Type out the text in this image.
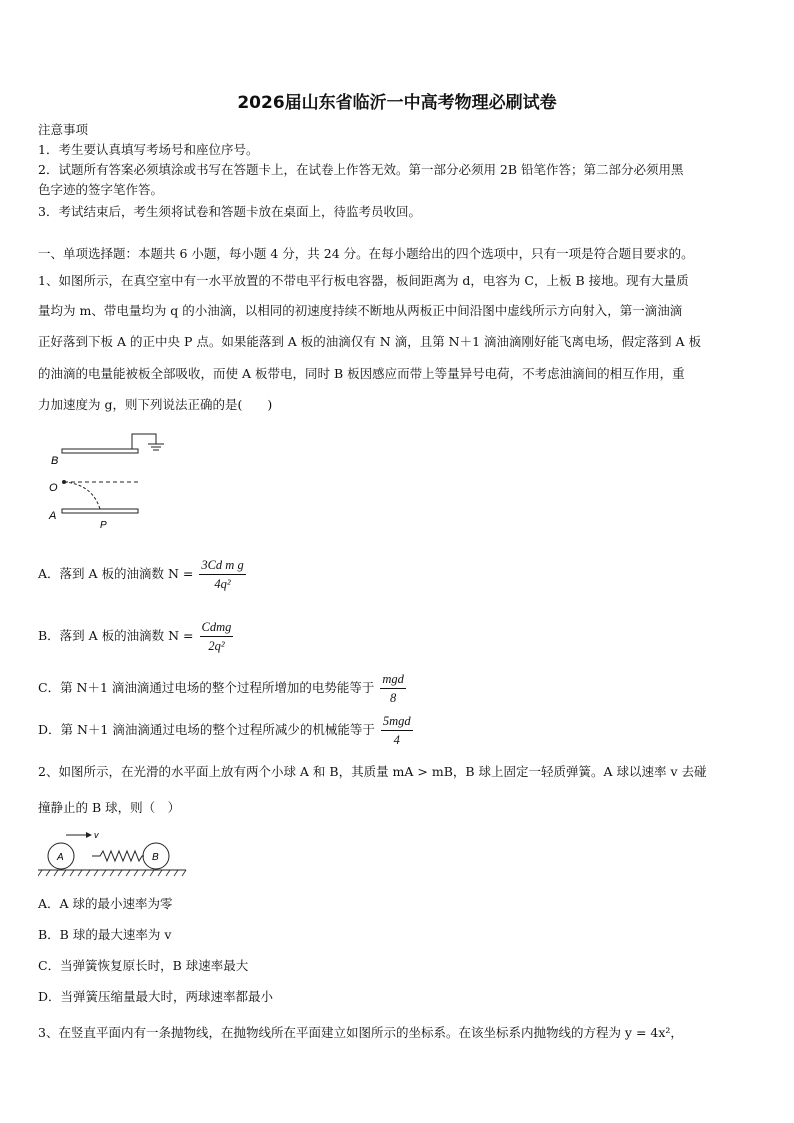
2026届山东省临沂一中高考物理必刷试卷
注意事项
1．考生要认真填写考场号和座位序号。
2．试题所有答案必须填涂或书写在答题卡上，在试卷上作答无效。第一部分必须用 2B 铅笔作答；第二部分必须用黑
色字迹的签字笔作答。
3．考试结束后，考生须将试卷和答题卡放在桌面上，待监考员收回。
一、单项选择题：本题共 6 小题，每小题 4 分，共 24 分。在每小题给出的四个选项中，只有一项是符合题目要求的。
1、如图所示，在真空室中有一水平放置的不带电平行板电容器，板间距离为 d，电容为 C，上板 B 接地。现有大量质
量均为 m、带电量均为 q 的小油滴，以相同的初速度持续不断地从两板正中间沿图中虚线所示方向射入，第一滴油滴
正好落到下板 A 的正中央 P 点。如果能落到 A 板的油滴仅有 N 滴，且第 N＋1 滴油滴刚好能飞离电场，假定落到 A 板
的油滴的电量能被板全部吸收，而使 A 板带电，同时 B 板因感应而带上等量异号电荷，不考虑油滴间的相互作用，重
力加速度为 g，则下列说法正确的是(　　)
B
O
A
P
A．落到 A 板的油滴数 $N = \frac{\text{3Cd m g}}{\text{4q²}}$
B．落到 A 板的油滴数 $N = \frac{\text{Cdmg}}{\text{2q²}}$
C．第 N＋1 滴油滴通过电场的整个过程所增加的电势能等于 $\frac{\text{mgd}}{8}$
D．第 N＋1 滴油滴通过电场的整个过程所减少的机械能等于 $\frac{\text{5mgd}}{4}$
2、如图所示，在光滑的水平面上放有两个小球 A 和 B，其质量 mA > mB，B 球上固定一轻质弹簧。A 球以速率 v 去碰
撞静止的 B 球，则（　）
v
A	B
A．A 球的最小速率为零
B．B 球的最大速率为 v
C．当弹簧恢复原长时，B 球速率最大
D．当弹簧压缩量最大时，两球速率都最小
3、在竖直平面内有一条抛物线，在抛物线所在平面建立如图所示的坐标系。在该坐标系内抛物线的方程为 y = 4x²，
